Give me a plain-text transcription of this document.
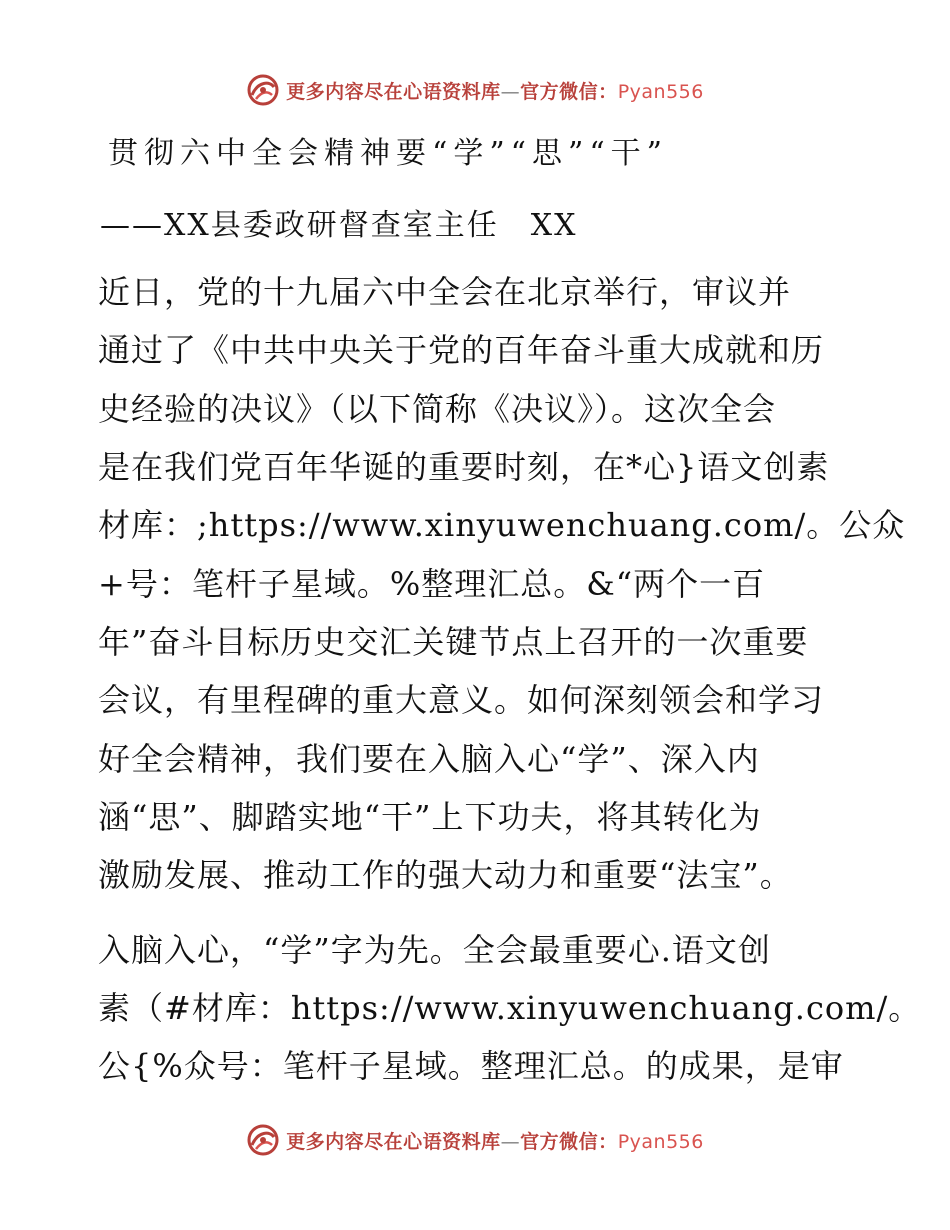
更多内容尽在心语资料库—官方微信：Pyan556
贯彻六中全会精神要“学”“思”“干”
——XX县委政研督查室主任　XX
近日，党的十九届六中全会在北京举行，审议并
通过了《中共中央关于党的百年奋斗重大成就和历
史经验的决议》（以下简称《决议》）。这次全会
是在我们党百年华诞的重要时刻，在*心}语文创素
材库：;https://www.xinyuwenchuang.com/。公众
+号：笔杆子星域。%整理汇总。&“两个一百
年”奋斗目标历史交汇关键节点上召开的一次重要
会议，有里程碑的重大意义。如何深刻领会和学习
好全会精神，我们要在入脑入心“学”、深入内
涵“思”、脚踏实地“干”上下功夫，将其转化为
激励发展、推动工作的强大动力和重要“法宝”。
入脑入心，“学”字为先。全会最重要心.语文创
素（#材库：https://www.xinyuwenchuang.com/。
公{%众号：笔杆子星域。整理汇总。的成果，是审
更多内容尽在心语资料库—官方微信：Pyan556
